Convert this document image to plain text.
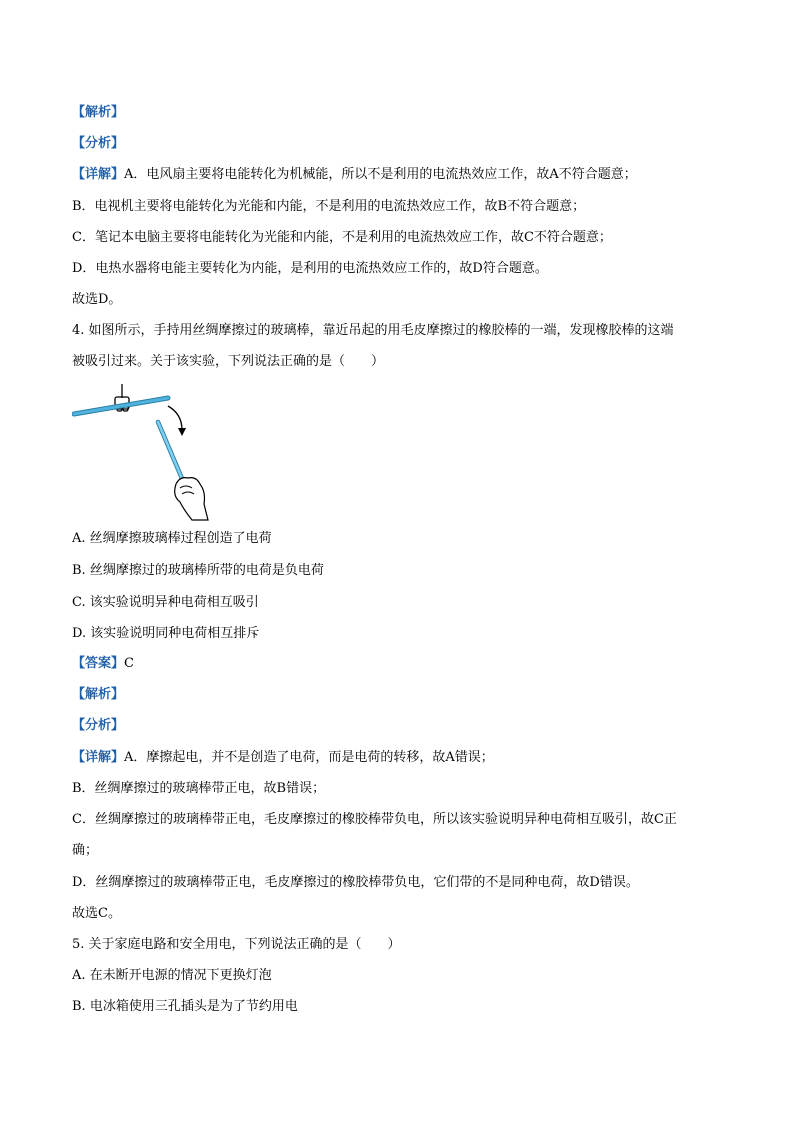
【解析】
【分析】
【详解】A．电风扇主要将电能转化为机械能，所以不是利用的电流热效应工作，故A不符合题意；
B．电视机主要将电能转化为光能和内能，不是利用的电流热效应工作，故B不符合题意；
C．笔记本电脑主要将电能转化为光能和内能，不是利用的电流热效应工作，故C不符合题意；
D．电热水器将电能主要转化为内能，是利用的电流热效应工作的，故D符合题意。
故选D。
4. 如图所示，手持用丝绸摩擦过的玻璃棒，靠近吊起的用毛皮摩擦过的橡胶棒的一端，发现橡胶棒的这端
被吸引过来。关于该实验，下列说法正确的是（　　）
A. 丝绸摩擦玻璃棒过程创造了电荷
B. 丝绸摩擦过的玻璃棒所带的电荷是负电荷
C. 该实验说明异种电荷相互吸引
D. 该实验说明同种电荷相互排斥
【答案】C
【解析】
【分析】
【详解】A．摩擦起电，并不是创造了电荷，而是电荷的转移，故A错误；
B．丝绸摩擦过的玻璃棒带正电，故B错误；
C．丝绸摩擦过的玻璃棒带正电，毛皮摩擦过的橡胶棒带负电，所以该实验说明异种电荷相互吸引，故C正
确；
D．丝绸摩擦过的玻璃棒带正电，毛皮摩擦过的橡胶棒带负电，它们带的不是同种电荷，故D错误。
故选C。
5. 关于家庭电路和安全用电，下列说法正确的是（　　）
A. 在未断开电源的情况下更换灯泡
B. 电冰箱使用三孔插头是为了节约用电
